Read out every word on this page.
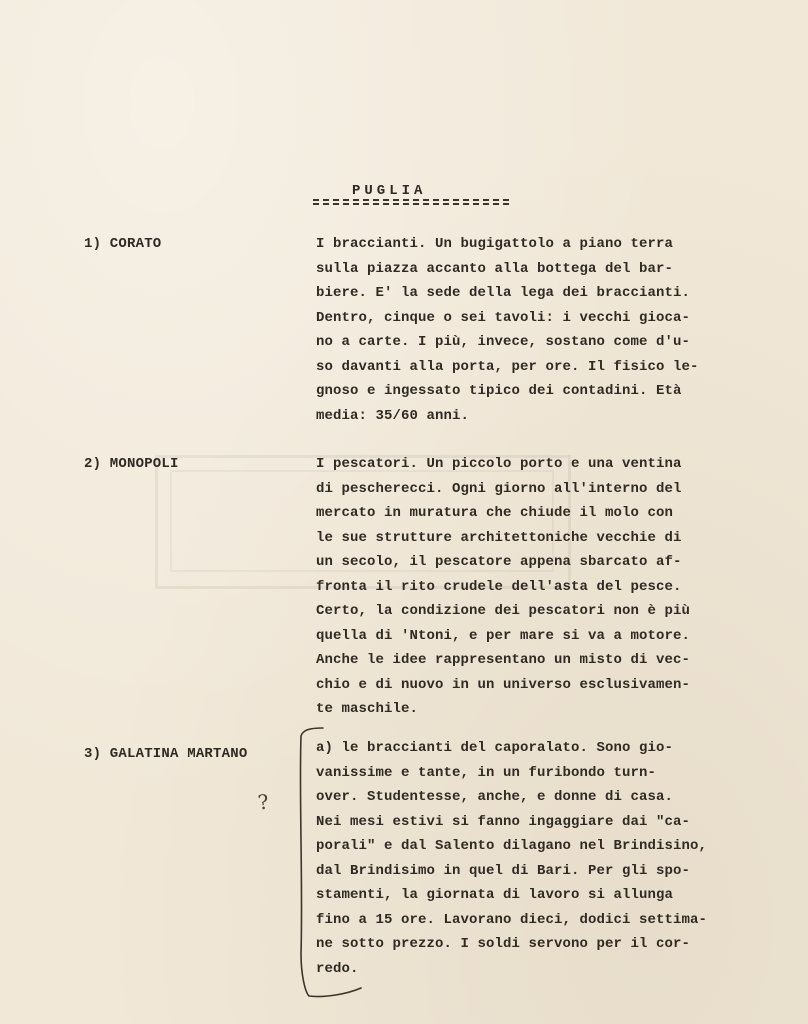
PUGLIA
1) CORATO	I braccianti. Un bugigattolo a piano terra

sulla piazza accanto alla bottega del bar-

biere. E' la sede della lega dei braccianti.

Dentro, cinque o sei tavoli: i vecchi gioca-

no a carte. I più, invece, sostano come d'u-

so davanti alla porta, per ore. Il fisico le-

gnoso e ingessato tipico dei contadini. Età

media: 35/60 anni.

2) MONOPOLI	I pescatori. Un piccolo porto e una ventina

di pescherecci. Ogni giorno all'interno del

mercato in muratura che chiude il molo con

le sue strutture architettoniche vecchie di

un secolo, il pescatore appena sbarcato af-

fronta il rito crudele dell'asta del pesce.

Certo, la condizione dei pescatori non è più

quella di 'Ntoni, e per mare si va a motore.

Anche le idee rappresentano un misto di vec-

chio e di nuovo in un universo esclusivamen-

te maschile.

3) GALATINA MARTANO	a) le braccianti del caporalato. Sono gio-

vanissime e tante, in un furibondo turn-

over. Studentesse, anche, e donne di casa.

Nei mesi estivi si fanno ingaggiare dai "ca-

porali" e dal Salento dilagano nel Brindisino,

dal Brindisimo in quel di Bari. Per gli spo-

stamenti, la giornata di lavoro si allunga

fino a 15 ore. Lavorano dieci, dodici settima-

ne sotto prezzo. I soldi servono per il cor-

redo.

?
